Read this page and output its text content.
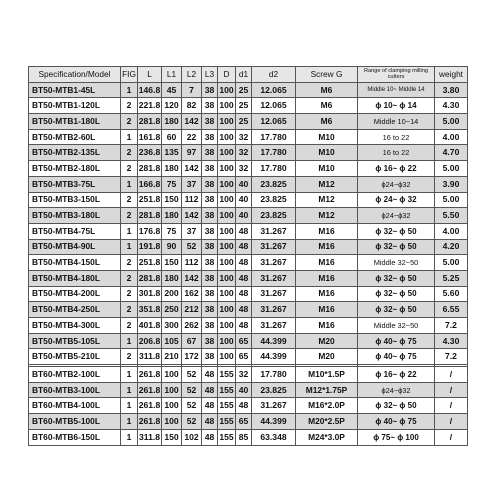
Specification/Model	FIG	L	L1	L2	L3	D	d1	d2	Screw G	Range of clamping milling cutters	weight
BT50-MTB1-45L	1	146.8	45	7	38	100	25	12.065	M6	Middle 10~ Middle 14	3.80
BT50-MTB1-120L	2	221.8	120	82	38	100	25	12.065	M6	ϕ 10~ ϕ 14	4.30
BT50-MTB1-180L	2	281.8	180	142	38	100	25	12.065	M6	Middle 10~14	5.00
BT50-MTB2-60L	1	161.8	60	22	38	100	32	17.780	M10	16 to 22	4.00
BT50-MTB2-135L	2	236.8	135	97	38	100	32	17.780	M10	16 to 22	4.70
BT50-MTB2-180L	2	281.8	180	142	38	100	32	17.780	M10	ϕ 16~ ϕ 22	5.00
BT50-MTB3-75L	1	166.8	75	37	38	100	40	23.825	M12	ϕ24~ϕ32	3.90
BT50-MTB3-150L	2	251.8	150	112	38	100	40	23.825	M12	ϕ 24~ ϕ 32	5.00
BT50-MTB3-180L	2	281.8	180	142	38	100	40	23.825	M12	ϕ24~ϕ32	5.50
BT50-MTB4-75L	1	176.8	75	37	38	100	48	31.267	M16	ϕ 32~ ϕ 50	4.00
BT50-MTB4-90L	1	191.8	90	52	38	100	48	31.267	M16	ϕ 32~ ϕ 50	4.20
BT50-MTB4-150L	2	251.8	150	112	38	100	48	31.267	M16	Middle 32~50	5.00
BT50-MTB4-180L	2	281.8	180	142	38	100	48	31.267	M16	ϕ 32~ ϕ 50	5.25
BT50-MTB4-200L	2	301.8	200	162	38	100	48	31.267	M16	ϕ 32~ ϕ 50	5.60
BT50-MTB4-250L	2	351.8	250	212	38	100	48	31.267	M16	ϕ 32~ ϕ 50	6.55
BT50-MTB4-300L	2	401.8	300	262	38	100	48	31.267	M16	Middle 32~50	7.2
BT50-MTB5-105L	1	206.8	105	67	38	100	65	44.399	M20	ϕ 40~ ϕ 75	4.30
BT50-MTB5-210L	2	311.8	210	172	38	100	65	44.399	M20	ϕ 40~ ϕ 75	7.2

BT60-MTB2-100L	1	261.8	100	52	48	155	32	17.780	M10*1.5P	ϕ 16~ ϕ 22	/
BT60-MTB3-100L	1	261.8	100	52	48	155	40	23.825	M12*1.75P	ϕ24~ϕ32	/
BT60-MTB4-100L	1	261.8	100	52	48	155	48	31.267	M16*2.0P	ϕ 32~ ϕ 50	/
BT60-MTB5-100L	1	261.8	100	52	48	155	65	44.399	M20*2.5P	ϕ 40~ ϕ 75	/
BT60-MTB6-150L	1	311.8	150	102	48	155	85	63.348	M24*3.0P	ϕ 75~ ϕ 100	/
